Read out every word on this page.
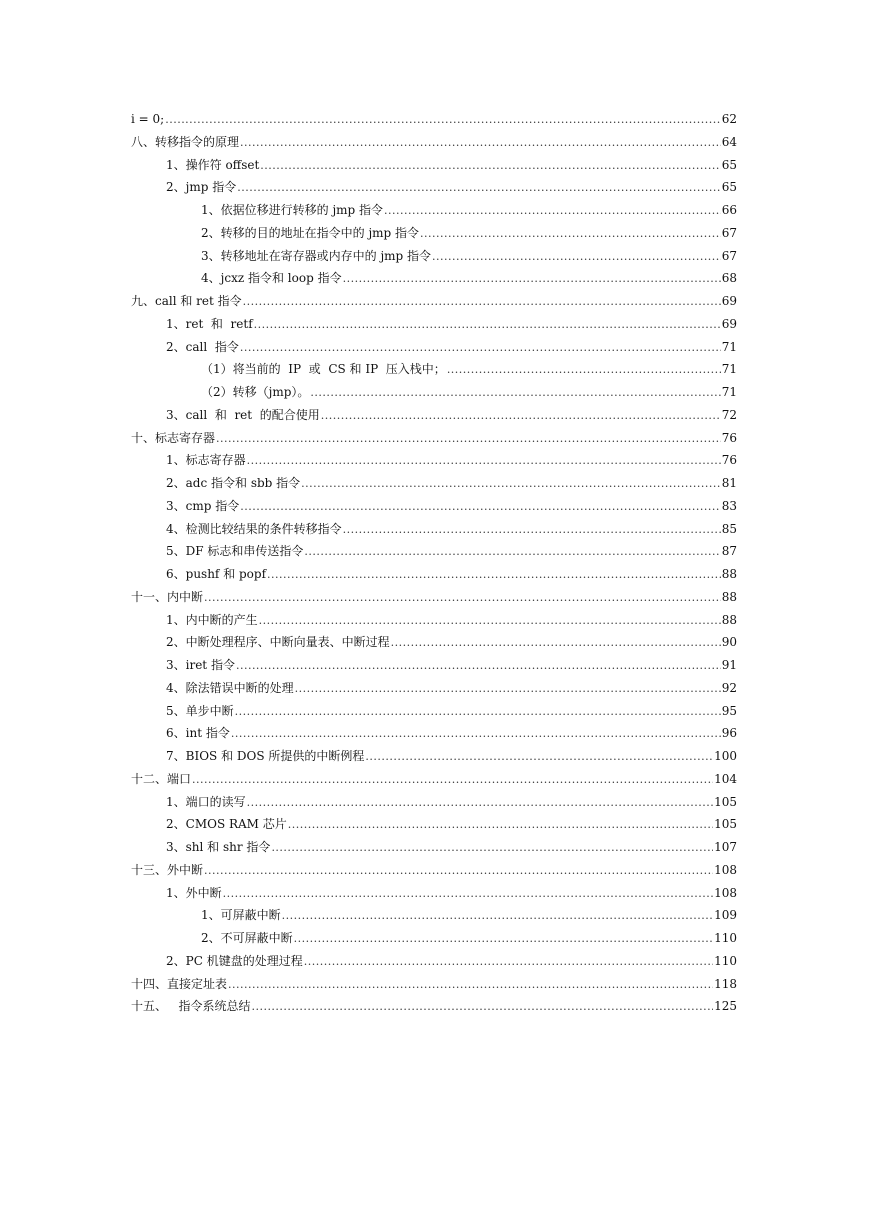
i = 0; .....	62
八、转移指令的原理 .....	64
1、操作符 offset .....	65
2、jmp 指令 .....	65
1、依据位移进行转移的 jmp 指令 .....	66
2、转移的目的地址在指令中的 jmp 指令 .....	67
3、转移地址在寄存器或内存中的 jmp 指令 .....	67
4、jcxz 指令和 loop 指令 .....	68
九、call 和 ret 指令 .....	69
1、ret  和  retf .....	69
2、call  指令 .....	71
（1）将当前的  IP  或  CS 和 IP  压入栈中； .....	71
（2）转移（jmp）。 .....	71
3、call  和  ret  的配合使用 .....	72
十、标志寄存器 .....	76
1、标志寄存器 .....	76
2、adc 指令和 sbb 指令 .....	81
3、cmp 指令 .....	83
4、检测比较结果的条件转移指令 .....	85
5、DF 标志和串传送指令 .....	87
6、pushf 和 popf .....	88
十一、内中断 .....	88
1、内中断的产生 .....	88
2、中断处理程序、中断向量表、中断过程 .....	90
3、iret 指令 .....	91
4、除法错误中断的处理 .....	92
5、单步中断 .....	95
6、int 指令 .....	96
7、BIOS 和 DOS 所提供的中断例程 .....	100
十二、端口 .....	104
1、端口的读写 .....	105
2、CMOS RAM 芯片 .....	105
3、shl 和 shr 指令 .....	107
十三、外中断 .....	108
1、外中断 .....	108
1、可屏蔽中断 .....	109
2、不可屏蔽中断 .....	110
2、PC 机键盘的处理过程 .....	110
十四、直接定址表 .....	118
十五、   指令系统总结 .....	125
